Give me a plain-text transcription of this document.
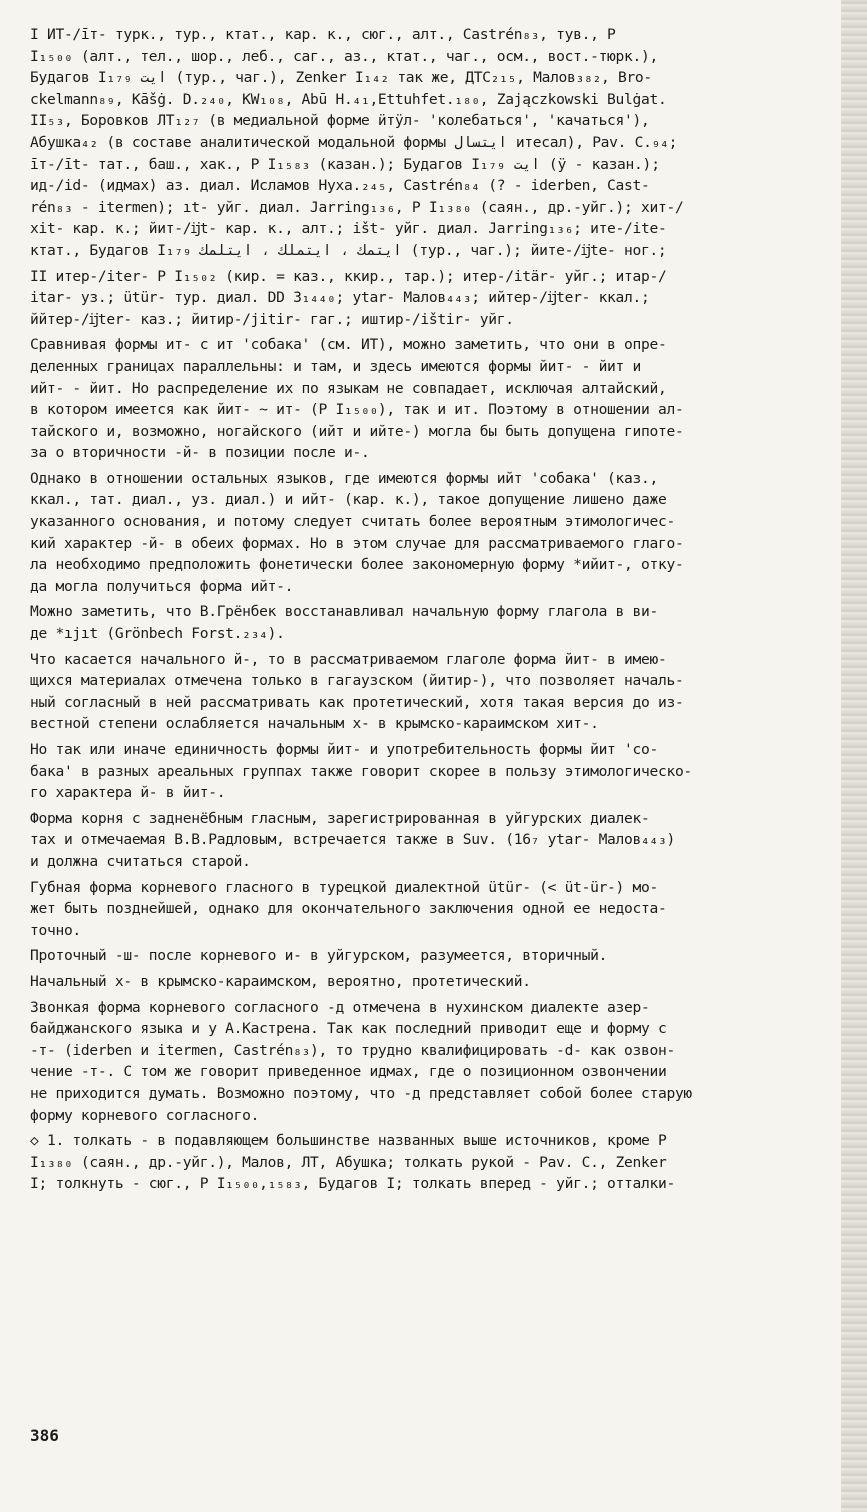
I ИТ-/īт- турк., тур., ктат., кар. к., сюг., алт., Castrén₈₃, тув., Р
I₁₅₀₀ (алт., тел., шор., леб., саг., аз., ктат., чаг., осм., вост.-тюрк.),
Будагов I₁₇₉ ایت (тур., чаг.), Zenker I₁₄₂ так же, ДТС₂₁₅, Малов₃₈₂, Bro-
ckelmann₈₉, Kāšġ. D.₂₄₀, KW₁₀₈, Abū H.₄₁,Ettuhfet.₁₈₀, Zajączkowski Bulġat.
II₅₃, Боровков ЛТ₁₂₇ (в медиальной форме ӥтӱл- 'колебаться', 'качаться'),
Абушка₄₂ (в составе аналитической модальной формы ایتسال итесал), Pav. C.₉₄;
īт-/īt- тат., баш., хак., Р I₁₅₈₃ (казан.); Будагов I₁₇₉ ایت (ӱ - казан.);
ид-/id- (идмах) аз. диал. Исламов Нуха.₂₄₅, Castrén₈₄ (? - iderben, Cast-
rén₈₃ - itermen); ıt- уйг. диал. Jarring₁₃₆, Р I₁₃₈₀ (саян., др.-уйг.); хит-/
xit- кар. к.; йит-/ĳt- кар. к., алт.; išt- уйг. диал. Jarring₁₃₆; ите-/ite-
ктат., Будагов I₁₇₉ ایتمك ، ایتملك ، ایتلمك (тур., чаг.); йите-/ĳte- ног.;
II итер-/iter- Р I₁₅₀₂ (кир. = каз., ккир., тар.); итер-/itär- уйг.; итар-/
itar- уз.; ütür- тур. диал. DD 3₁₄₄₀; ytar- Малов₄₄₃; ийтер-/ĳter- ккал.;
ййтер-/ĳter- каз.; йитир-/jitir- гаг.; иштир-/ištir- уйг.
Сравнивая формы ит- с ит 'собака' (см. ИТ), можно заметить, что они в опре-
деленных границах параллельны: и там, и здесь имеются формы йит- - йит и
ийт- - йит. Но распределение их по языкам не совпадает, исключая алтайский,
в котором имеется как йит- ~ ит- (Р I₁₅₀₀), так и ит. Поэтому в отношении ал-
тайского и, возможно, ногайского (ийт и ийте-) могла бы быть допущена гипоте-
за о вторичности -й- в позиции после и-.
Однако в отношении остальных языков, где имеются формы ийт 'собака' (каз.,
ккал., тат. диал., уз. диал.) и ийт- (кар. к.), такое допущение лишено даже
указанного основания, и потому следует считать более вероятным этимологичес-
кий характер -й- в обеих формах. Но в этом случае для рассматриваемого глаго-
ла необходимо предположить фонетически более закономерную форму *ийит-, отку-
да могла получиться форма ийт-.
Можно заметить, что В.Грёнбек восстанавливал начальную форму глагола в ви-
де *ıjıt (Grönbech Forst.₂₃₄).
Что касается начального й-, то в рассматриваемом глаголе форма йит- в имею-
щихся материалах отмечена только в гагаузском (йитир-), что позволяет началь-
ный согласный в ней рассматривать как протетический, хотя такая версия до из-
вестной степени ослабляется начальным х- в крымско-караимском хит-.
Но так или иначе единичность формы йит- и употребительность формы йит 'со-
бака' в разных ареальных группах также говорит скорее в пользу этимологическо-
го характера й- в йит-.
Форма корня с задненёбным гласным, зарегистрированная в уйгурских диалек-
тах и отмечаемая В.В.Радловым, встречается также в Suv. (16₇ ytar- Малов₄₄₃)
и должна считаться старой.
Губная форма корневого гласного в турецкой диалектной ütür- (< üt-ür-) мо-
жет быть позднейшей, однако для окончательного заключения одной ее недоста-
точно.
Проточный -ш- после корневого и- в уйгурском, разумеется, вторичный.
Начальный х- в крымско-караимском, вероятно, протетический.
Звонкая форма корневого согласного -д отмечена в нухинском диалекте азер-
байджанского языка и у А.Кастрена. Так как последний приводит еще и форму с
-т- (iderben и itermen, Castrén₈₃), то трудно квалифицировать -d- как озвон-
чение -т-. С том же говорит приведенное идмах, где о позиционном озвончении
не приходится думать. Возможно поэтому, что -д представляет собой более старую
форму корневого согласного.
◇ 1. толкать - в подавляющем большинстве названных выше источников, кроме Р
I₁₃₈₀ (саян., др.-уйг.), Малов, ЛТ, Абушка; толкать рукой - Pav. C., Zenker
I; толкнуть - сюг., Р I₁₅₀₀,₁₅₈₃, Будагов I; толкать вперед - уйг.; отталки-
386
